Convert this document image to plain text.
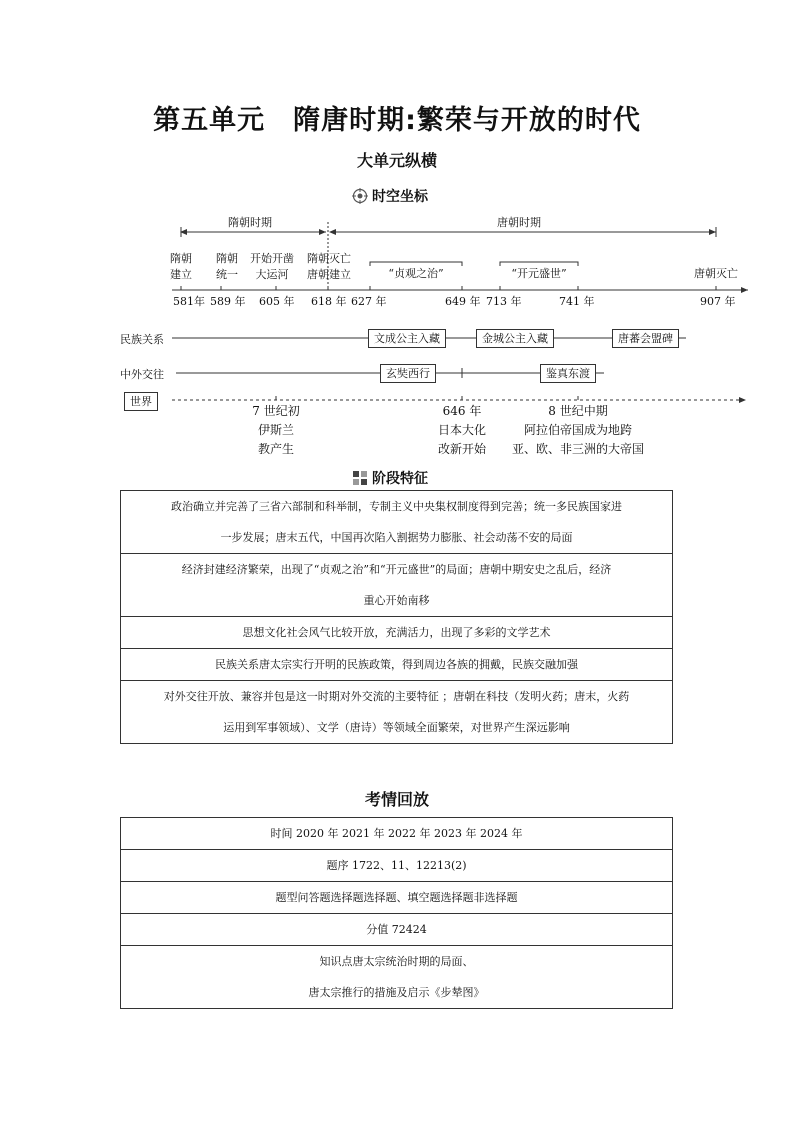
第五单元　隋唐时期:繁荣与开放的时代
大单元纵横
时空坐标
隋朝时期	唐朝时期
隋朝
建立
隋朝
统一
开始开凿
大运河
隋朝灭亡
唐朝建立	唐朝灭亡
“贞观之治”	“开元盛世”
581年 589 年 605 年 618 年 627 年	649 年 713 年	741 年	907 年
民族关系
中外交往
世界
文成公主入藏	金城公主入藏	唐蕃会盟碑
玄奘西行	鉴真东渡
7 世纪初
伊斯兰
教产生
646 年
日本大化
改新开始
8 世纪中期
阿拉伯帝国成为地跨
亚、欧、非三洲的大帝国
阶段特征
政治确立并完善了三省六部制和科举制，专制主义中央集权制度得到完善；统一多民族国家进
一步发展；唐末五代，中国再次陷入割据势力膨胀、社会动荡不安的局面
经济封建经济繁荣，出现了“贞观之治”和“开元盛世”的局面；唐朝中期安史之乱后，经济
重心开始南移
思想文化社会风气比较开放，充满活力，出现了多彩的文学艺术
民族关系唐太宗实行开明的民族政策，得到周边各族的拥戴，民族交融加强
对外交往开放、兼容并包是这一时期对外交流的主要特征 ；唐朝在科技（发明火药；唐末，火药
运用到军事领域）、文学（唐诗）等领域全面繁荣，对世界产生深远影响
考情回放
时间 2020 年 2021 年 2022 年 2023 年 2024 年
题序 1722、11、12213(2)
题型问答题选择题选择题、填空题选择题非选择题
分值 72424
知识点唐太宗统治时期的局面、
唐太宗推行的措施及启示《步辇图》
